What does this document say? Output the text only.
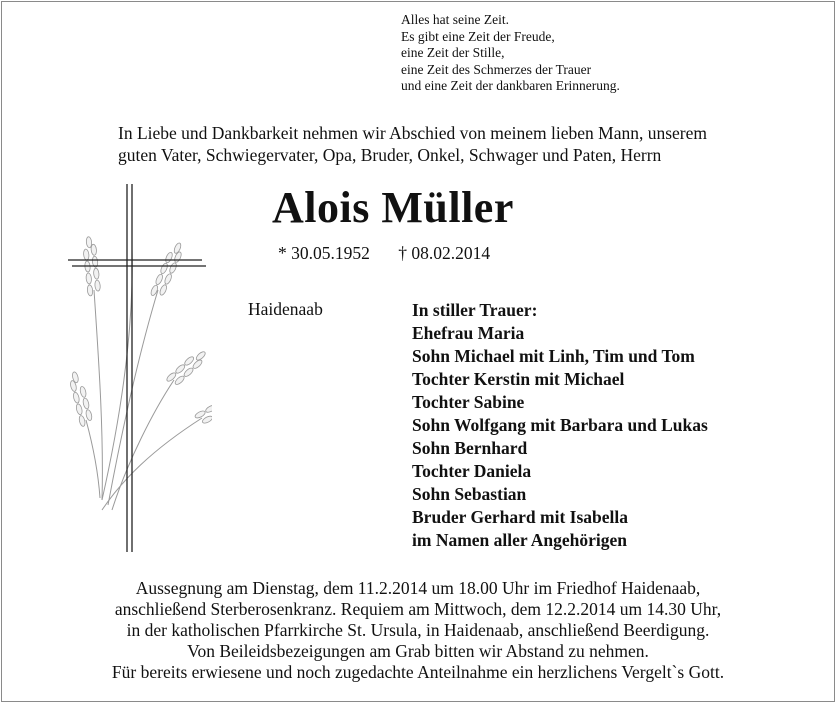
Alles hat seine Zeit.
Es gibt eine Zeit der Freude,
eine Zeit der Stille,
eine Zeit des Schmerzes der Trauer
und eine Zeit der dankbaren Erinnerung.
In Liebe und Dankbarkeit nehmen wir Abschied von meinem lieben Mann, unserem
guten Vater, Schwiegervater, Opa, Bruder, Onkel, Schwager und Paten, Herrn
Alois Müller
* 30.05.1952 † 08.02.2014
Haidenaab	In stiller Trauer:
Ehefrau Maria
Sohn Michael mit Linh, Tim und Tom
Tochter Kerstin mit Michael
Tochter Sabine
Sohn Wolfgang mit Barbara und Lukas
Sohn Bernhard
Tochter Daniela
Sohn Sebastian
Bruder Gerhard mit Isabella
im Namen aller Angehörigen
Aussegnung am Dienstag, dem 11.2.2014 um 18.00 Uhr im Friedhof Haidenaab,
anschließend Sterberosenkranz. Requiem am Mittwoch, dem 12.2.2014 um 14.30 Uhr,
in der katholischen Pfarrkirche St. Ursula, in Haidenaab, anschließend Beerdigung.
Von Beileidsbezeigungen am Grab bitten wir Abstand zu nehmen.
Für bereits erwiesene und noch zugedachte Anteilnahme ein herzlichens Vergelt`s Gott.
